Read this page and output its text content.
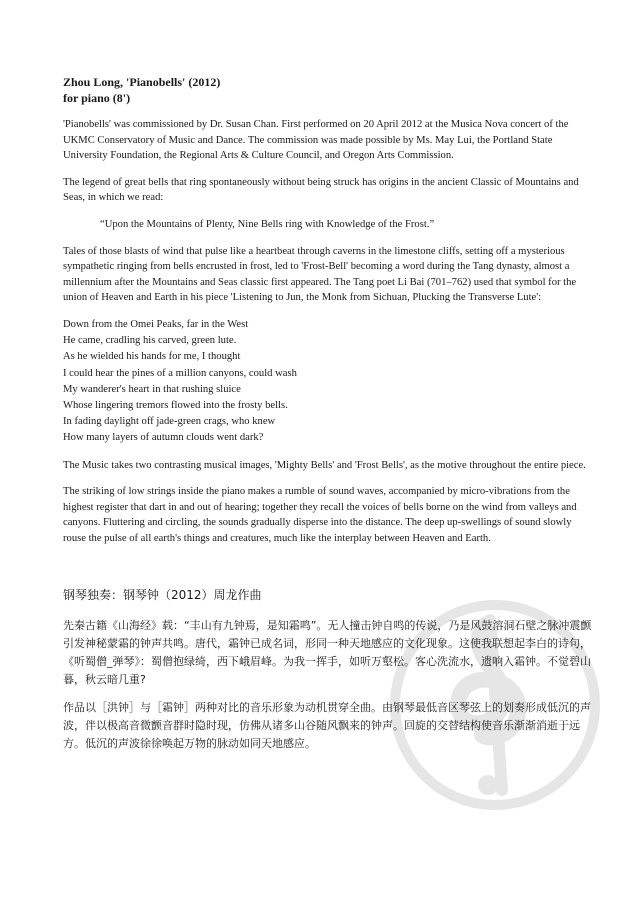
Zhou Long, 'Pianobells' (2012)
for piano (8')

'Pianobells' was commissioned by Dr. Susan Chan. First performed on 20 April 2012 at the Musica Nova concert of the UKMC Conservatory of Music and Dance. The commission was made possible by Ms. May Lui, the Portland State University Foundation, the Regional Arts & Culture Council, and Oregon Arts Commission.

The legend of great bells that ring spontaneously without being struck has origins in the ancient Classic of Mountains and Seas, in which we read:

“Upon the Mountains of Plenty, Nine Bells ring with Knowledge of the Frost.”

Tales of those blasts of wind that pulse like a heartbeat through caverns in the limestone cliffs, setting off a mysterious sympathetic ringing from bells encrusted in frost, led to 'Frost-Bell' becoming a word during the Tang dynasty, almost a millennium after the Mountains and Seas classic first appeared. The Tang poet Li Bai (701–762) used that symbol for the union of Heaven and Earth in his piece 'Listening to Jun, the Monk from Sichuan, Plucking the Transverse Lute':

Down from the Omei Peaks, far in the West
He came, cradling his carved, green lute.
As he wielded his hands for me, I thought
I could hear the pines of a million canyons, could wash
My wanderer's heart in that rushing sluice
Whose lingering tremors flowed into the frosty bells.
In fading daylight off jade-green crags, who knew
How many layers of autumn clouds went dark?

The Music takes two contrasting musical images, 'Mighty Bells' and 'Frost Bells', as the motive throughout the entire piece.

The striking of low strings inside the piano makes a rumble of sound waves, accompanied by micro-vibrations from the highest register that dart in and out of hearing; together they recall the voices of bells borne on the wind from valleys and canyons. Fluttering and circling, the sounds gradually disperse into the distance. The deep up-swellings of sound slowly rouse the pulse of all earth's things and creatures, much like the interplay between Heaven and Earth.

钢琴独奏：钢琴钟（2012）周龙作曲

先秦古籍《山海经》载：“丰山有九钟焉，是知霜鸣”。无人撞击钟自鸣的传说，乃是风鼓溶洞石壁之脉冲震颤引发神秘蒙霜的钟声共鸣。唐代，霜钟已成名词，形同一种天地感应的文化现象。这使我联想起李白的诗句，《听蜀僧_弹琴》：蜀僧抱绿绮，西下峨眉峰。为我一挥手，如听万壑松。客心洗流水，遗响入霜钟。不觉碧山暮，秋云暗几重?

作品以［洪钟］与［霜钟］两种对比的音乐形象为动机贯穿全曲。由钢琴最低音区琴弦上的划奏形成低沉的声波，伴以极高音微颤音群时隐时现，仿佛从诸多山谷随风飘来的钟声。回旋的交替结构使音乐渐渐消逝于远方。低沉的声波徐徐唤起万物的脉动如同天地感应。
